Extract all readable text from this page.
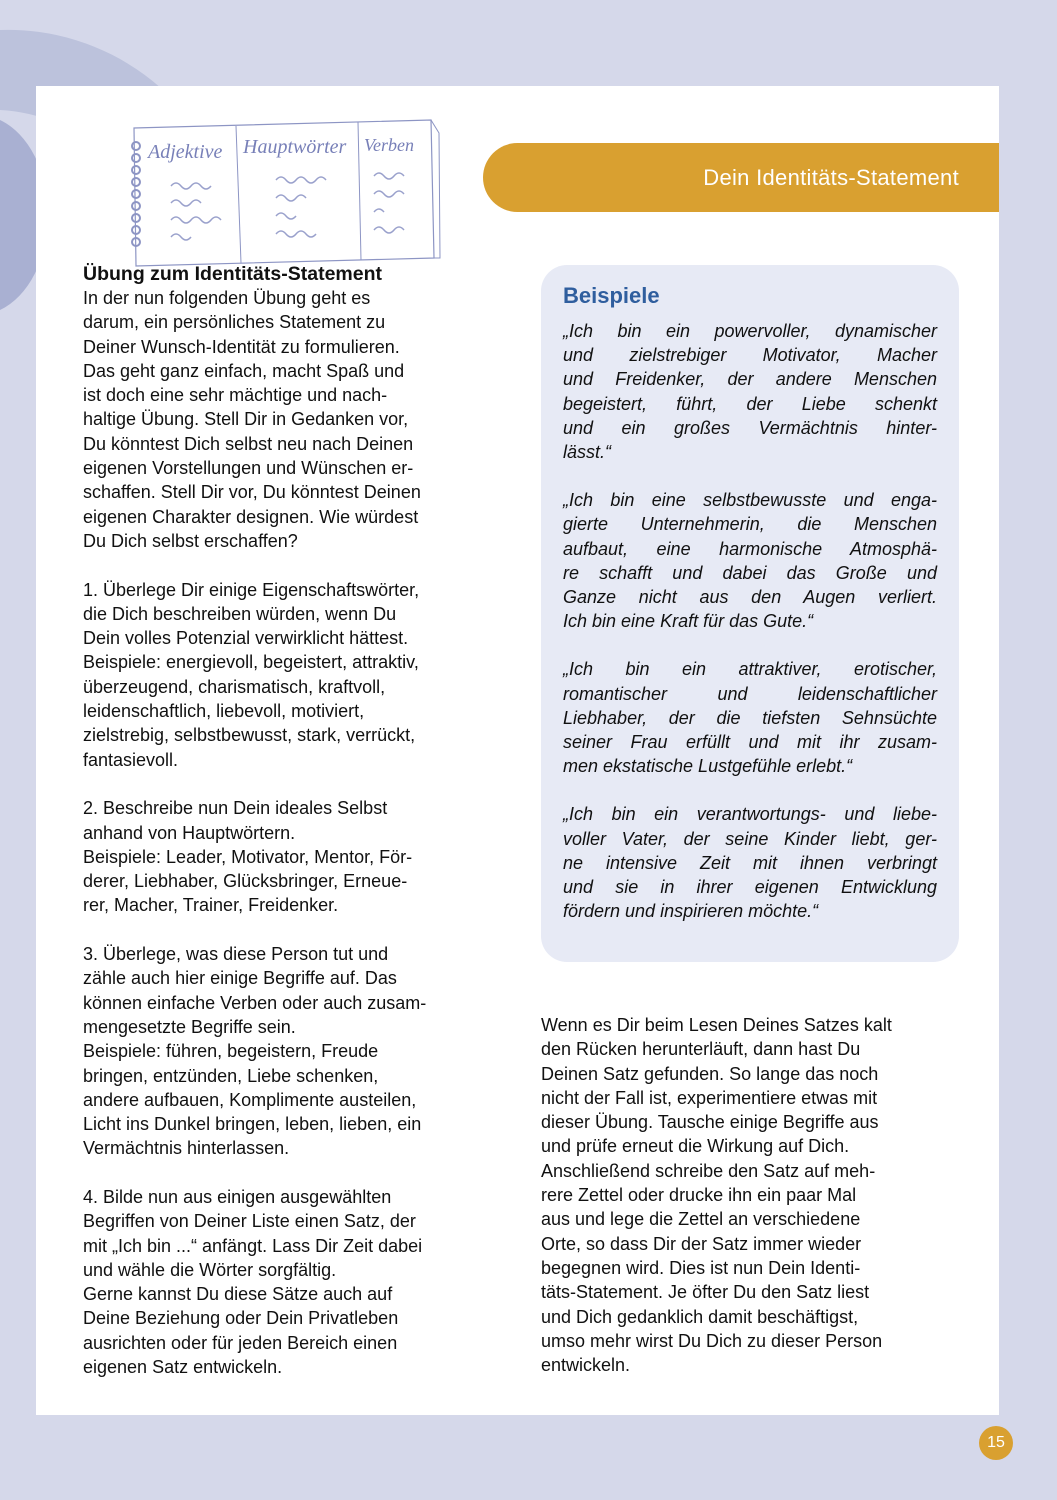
Adjektive Hauptwörter Verben
Dein Identitäts-Statement
Übung zum Identitäts-Statement
In der nun folgenden Übung geht es
darum, ein persönliches Statement zu
Deiner Wunsch-Identität zu formulieren.
Das geht ganz einfach, macht Spaß und
ist doch eine sehr mächtige und nach-
haltige Übung. Stell Dir in Gedanken vor,
Du könntest Dich selbst neu nach Deinen
eigenen Vorstellungen und Wünschen er-
schaffen. Stell Dir vor, Du könntest Deinen
eigenen Charakter designen. Wie würdest
Du Dich selbst erschaffen?
1. Überlege Dir einige Eigenschaftswörter,
die Dich beschreiben würden, wenn Du
Dein volles Potenzial verwirklicht hättest.
Beispiele: energievoll, begeistert, attraktiv,
überzeugend, charismatisch, kraftvoll,
leidenschaftlich, liebevoll, motiviert,
zielstrebig, selbstbewusst, stark, verrückt,
fantasievoll.
2. Beschreibe nun Dein ideales Selbst
anhand von Hauptwörtern.
Beispiele: Leader, Motivator, Mentor, För-
derer, Liebhaber, Glücksbringer, Erneue-
rer, Macher, Trainer, Freidenker.
3. Überlege, was diese Person tut und
zähle auch hier einige Begriffe auf. Das
können einfache Verben oder auch zusam-
mengesetzte Begriffe sein.
Beispiele: führen, begeistern, Freude
bringen, entzünden, Liebe schenken,
andere aufbauen, Komplimente austeilen,
Licht ins Dunkel bringen, leben, lieben, ein
Vermächtnis hinterlassen.
4. Bilde nun aus einigen ausgewählten
Begriffen von Deiner Liste einen Satz, der
mit „Ich bin ...“ anfängt. Lass Dir Zeit dabei
und wähle die Wörter sorgfältig.
Gerne kannst Du diese Sätze auch auf
Deine Beziehung oder Dein Privatleben
ausrichten oder für jeden Bereich einen
eigenen Satz entwickeln.
Beispiele
„Ich bin ein powervoller, dynamischer
und zielstrebiger Motivator, Macher
und Freidenker, der andere Menschen
begeistert, führt, der Liebe schenkt
und ein großes Vermächtnis hinter-
lässt.“
„Ich bin eine selbstbewusste und enga-
gierte Unternehmerin, die Menschen
aufbaut, eine harmonische Atmosphä-
re schafft und dabei das Große und
Ganze nicht aus den Augen verliert.
Ich bin eine Kraft für das Gute.“
„Ich bin ein attraktiver, erotischer,
romantischer und leidenschaftlicher
Liebhaber, der die tiefsten Sehnsüchte
seiner Frau erfüllt und mit ihr zusam-
men ekstatische Lustgefühle erlebt.“
„Ich bin ein verantwortungs- und liebe-
voller Vater, der seine Kinder liebt, ger-
ne intensive Zeit mit ihnen verbringt
und sie in ihrer eigenen Entwicklung
fördern und inspirieren möchte.“
Wenn es Dir beim Lesen Deines Satzes kalt
den Rücken herunterläuft, dann hast Du
Deinen Satz gefunden. So lange das noch
nicht der Fall ist, experimentiere etwas mit
dieser Übung. Tausche einige Begriffe aus
und prüfe erneut die Wirkung auf Dich.
Anschließend schreibe den Satz auf meh-
rere Zettel oder drucke ihn ein paar Mal
aus und lege die Zettel an verschiedene
Orte, so dass Dir der Satz immer wieder
begegnen wird. Dies ist nun Dein Identi-
täts-Statement. Je öfter Du den Satz liest
und Dich gedanklich damit beschäftigst,
umso mehr wirst Du Dich zu dieser Person
entwickeln.
15
